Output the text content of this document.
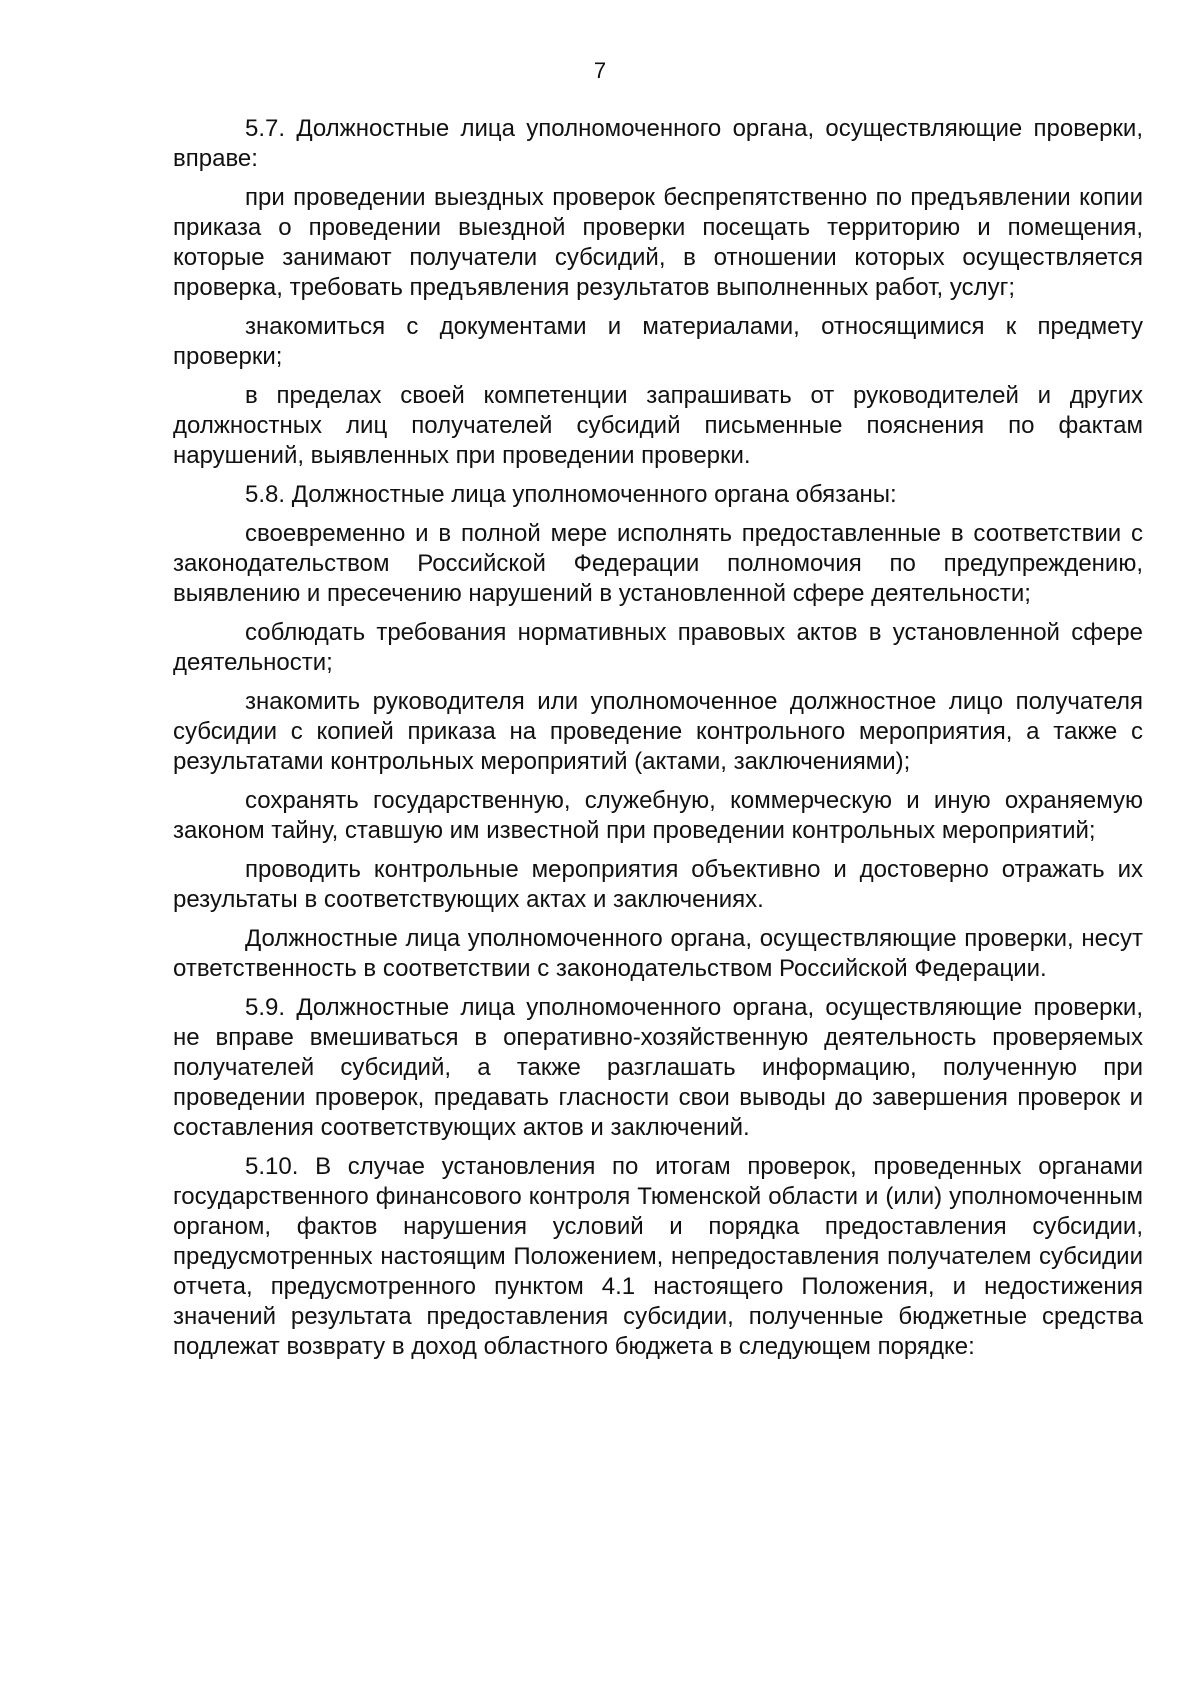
7

5.7. Должностные лица уполномоченного органа, осуществляющие проверки, вправе:

при проведении выездных проверок беспрепятственно по предъявлении копии приказа о проведении выездной проверки посещать территорию и помещения, которые занимают получатели субсидий, в отношении которых осуществляется проверка, требовать предъявления результатов выполненных работ, услуг;

знакомиться с документами и материалами, относящимися к предмету проверки;

в пределах своей компетенции запрашивать от руководителей и других должностных лиц получателей субсидий письменные пояснения по фактам нарушений, выявленных при проведении проверки.

5.8. Должностные лица уполномоченного органа обязаны:

своевременно и в полной мере исполнять предоставленные в соответствии с законодательством Российской Федерации полномочия по предупреждению, выявлению и пресечению нарушений в установленной сфере деятельности;

соблюдать требования нормативных правовых актов в установленной сфере деятельности;

знакомить руководителя или уполномоченное должностное лицо получателя субсидии с копией приказа на проведение контрольного мероприятия, а также с результатами контрольных мероприятий (актами, заключениями);

сохранять государственную, служебную, коммерческую и иную охраняемую законом тайну, ставшую им известной при проведении контрольных мероприятий;

проводить контрольные мероприятия объективно и достоверно отражать их результаты в соответствующих актах и заключениях.

Должностные лица уполномоченного органа, осуществляющие проверки, несут ответственность в соответствии с законодательством Российской Федерации.

5.9. Должностные лица уполномоченного органа, осуществляющие проверки, не вправе вмешиваться в оперативно-хозяйственную деятельность проверяемых получателей субсидий, а также разглашать информацию, полученную при проведении проверок, предавать гласности свои выводы до завершения проверок и составления соответствующих актов и заключений.

5.10. В случае установления по итогам проверок, проведенных органами государственного финансового контроля Тюменской области и (или) уполномоченным органом, фактов нарушения условий и порядка предоставления субсидии, предусмотренных настоящим Положением, непредоставления получателем субсидии отчета, предусмотренного пунктом 4.1 настоящего Положения, и недостижения значений результата предоставления субсидии, полученные бюджетные средства подлежат возврату в доход областного бюджета в следующем порядке:
